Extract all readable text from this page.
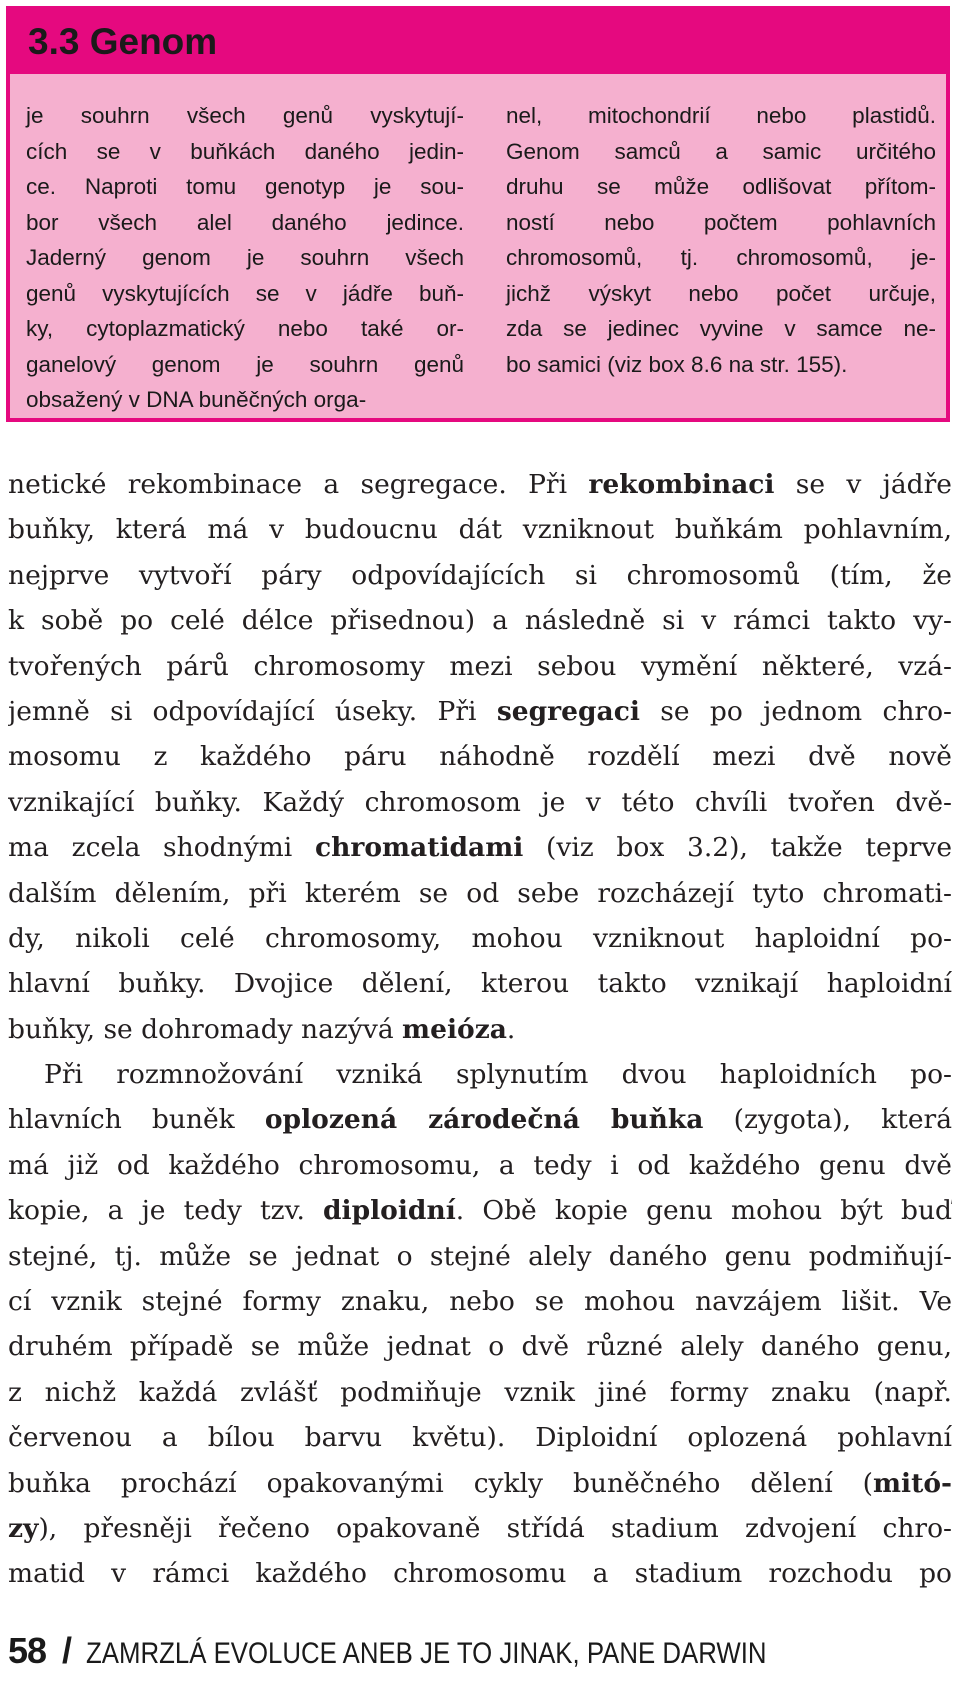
3.3 Genom
je souhrn všech genů vyskytují-
cích se v buňkách daného jedin-
ce. Naproti tomu genotyp je sou-
bor všech alel daného jedince.
Jaderný genom je souhrn všech
genů vyskytujících se v jádře buň-
ky, cytoplazmatický nebo také or-
ganelový genom je souhrn genů
obsažený v DNA buněčných orga-
nel, mitochondrií nebo plastidů.
Genom samců a samic určitého
druhu se může odlišovat přítom-
ností nebo počtem pohlavních
chromosomů, tj. chromosomů, je-
jichž výskyt nebo počet určuje,
zda se jedinec vyvine v samce ne-
bo samici (viz box 8.6 na str. 155).
netické rekombinace a segregace. Při rekombinaci se v jádře
buňky, která má v budoucnu dát vzniknout buňkám pohlavním,
nejprve vytvoří páry odpovídajících si chromosomů (tím, že
k sobě po celé délce přisednou) a následně si v rámci takto vy-
tvořených párů chromosomy mezi sebou vymění některé, vzá-
jemně si odpovídající úseky. Při segregaci se po jednom chro-
mosomu z každého páru náhodně rozdělí mezi dvě nově
vznikající buňky. Každý chromosom je v této chvíli tvořen dvě-
ma zcela shodnými chromatidami (viz box 3.2), takže teprve
dalším dělením, při kterém se od sebe rozcházejí tyto chromati-
dy, nikoli celé chromosomy, mohou vzniknout haploidní po-
hlavní buňky. Dvojice dělení, kterou takto vznikají haploidní
buňky, se dohromady nazývá meióza.
Při rozmnožování vzniká splynutím dvou haploidních po-
hlavních buněk oplozená zárodečná buňka (zygota), která
má již od každého chromosomu, a tedy i od každého genu dvě
kopie, a je tedy tzv. diploidní. Obě kopie genu mohou být buď
stejné, tj. může se jednat o stejné alely daného genu podmiňují-
cí vznik stejné formy znaku, nebo se mohou navzájem lišit. Ve
druhém případě se může jednat o dvě různé alely daného genu,
z nichž každá zvlášť podmiňuje vznik jiné formy znaku (např.
červenou a bílou barvu květu). Diploidní oplozená pohlavní
buňka prochází opakovanými cykly buněčného dělení (mitó-
zy), přesněji řečeno opakovaně střídá stadium zdvojení chro-
matid v rámci každého chromosomu a stadium rozchodu po
58 / ZAMRZLÁ EVOLUCE ANEB JE TO JINAK, PANE DARWIN
